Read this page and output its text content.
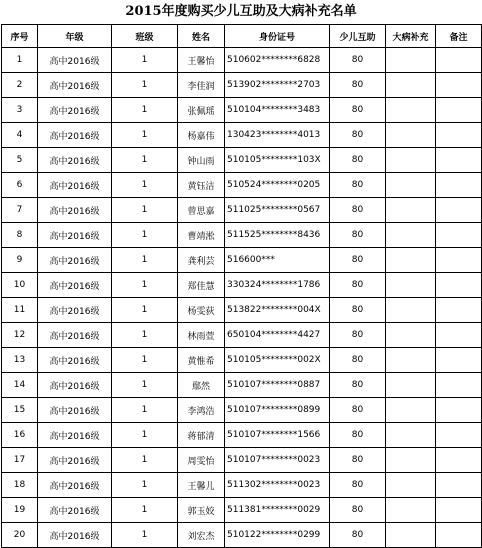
2015年度购买少儿互助及大病补充名单
序号	年级	班级	姓名	身份证号	少儿互助	大病补充	备注
1	高中2016级	1	王馨怡	510602********6828	80		
2	高中2016级	1	李佳润	513902********2703	80		
3	高中2016级	1	张佩瑶	510104********3483	80		
4	高中2016级	1	杨嘉伟	130423********4013	80		
5	高中2016级	1	钟山雨	510105********103X	80		
6	高中2016级	1	黄钰洁	510524********0205	80		
7	高中2016级	1	曾思嘉	511025********0567	80		
8	高中2016级	1	曹靖淞	511525********8436	80		
9	高中2016级	1	龚利芸	516600***	80		
10	高中2016级	1	郑佳慧	330324********1786	80		
11	高中2016级	1	杨雯荻	513822********004X	80		
12	高中2016级	1	林雨萱	650104********4427	80		
13	高中2016级	1	黄惟希	510105********002X	80		
14	高中2016级	1	鄢然	510107********0887	80		
15	高中2016级	1	李鸿浩	510107********0899	80		
16	高中2016级	1	蒋郁清	510107********1566	80		
17	高中2016级	1	周雯怡	510107********0023	80		
18	高中2016级	1	王馨儿	511302********0023	80		
19	高中2016级	1	郭玉姣	511381********0029	80		
20	高中2016级	1	刘宏杰	510122********0299	80		
